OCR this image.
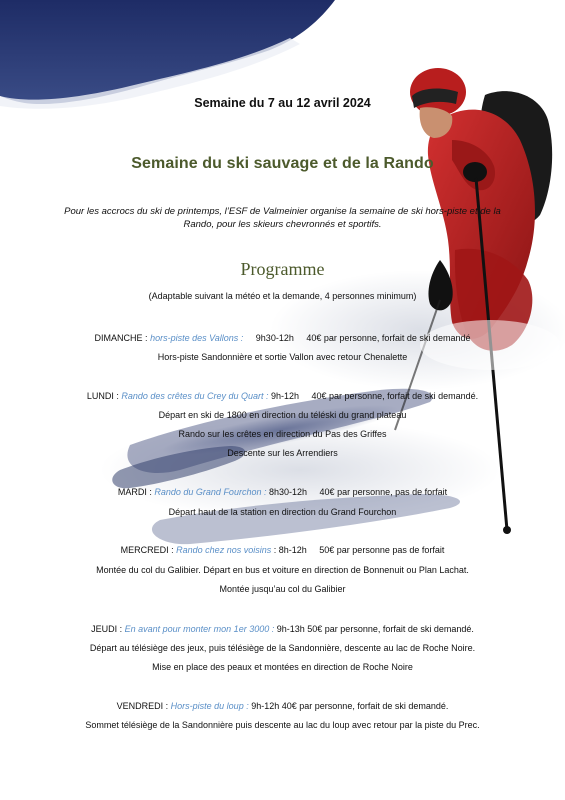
Semaine du 7 au 12 avril 2024
Semaine du ski sauvage et de la Rando
Pour les accrocs du ski de printemps, l’ESF de Valmeinier organise la semaine de ski hors-piste et de la Rando, pour les skieurs chevronnés et sportifs.
Programme
(Adaptable suivant la météo et la demande, 4 personnes minimum)
DIMANCHE : hors-piste des Vallons : 9h30-12h 40€ par personne, forfait de ski demandé
Hors-piste Sandonnière et sortie Vallon avec retour Chenalette
LUNDI : Rando des crêtes du Crey du Quart : 9h-12h 40€ par personne, forfait de ski demandé.
Départ en ski de 1800 en direction du téléski du grand plateau
Rando sur les crêtes en direction du Pas des Griffes
Descente sur les Arrendiers
MARDI : Rando du Grand Fourchon : 8h30-12h 40€ par personne, pas de forfait
Départ haut de la station en direction du Grand Fourchon
MERCREDI : Rando chez nos voisins : 8h-12h 50€ par personne pas de forfait
Montée du col du Galibier. Départ en bus et voiture en direction de Bonnenuit ou Plan Lachat.
Montée jusqu’au col du Galibier
JEUDI : En avant pour monter mon 1er 3000 : 9h-13h 50€ par personne, forfait de ski demandé.
Départ au télésiège des jeux, puis télésiège de la Sandonnière, descente au lac de Roche Noire.
Mise en place des peaux et montées en direction de Roche Noire
VENDREDI : Hors-piste du loup : 9h-12h 40€ par personne, forfait de ski demandé.
Sommet télésiège de la Sandonnière puis descente au lac du loup avec retour par la piste du Prec.
